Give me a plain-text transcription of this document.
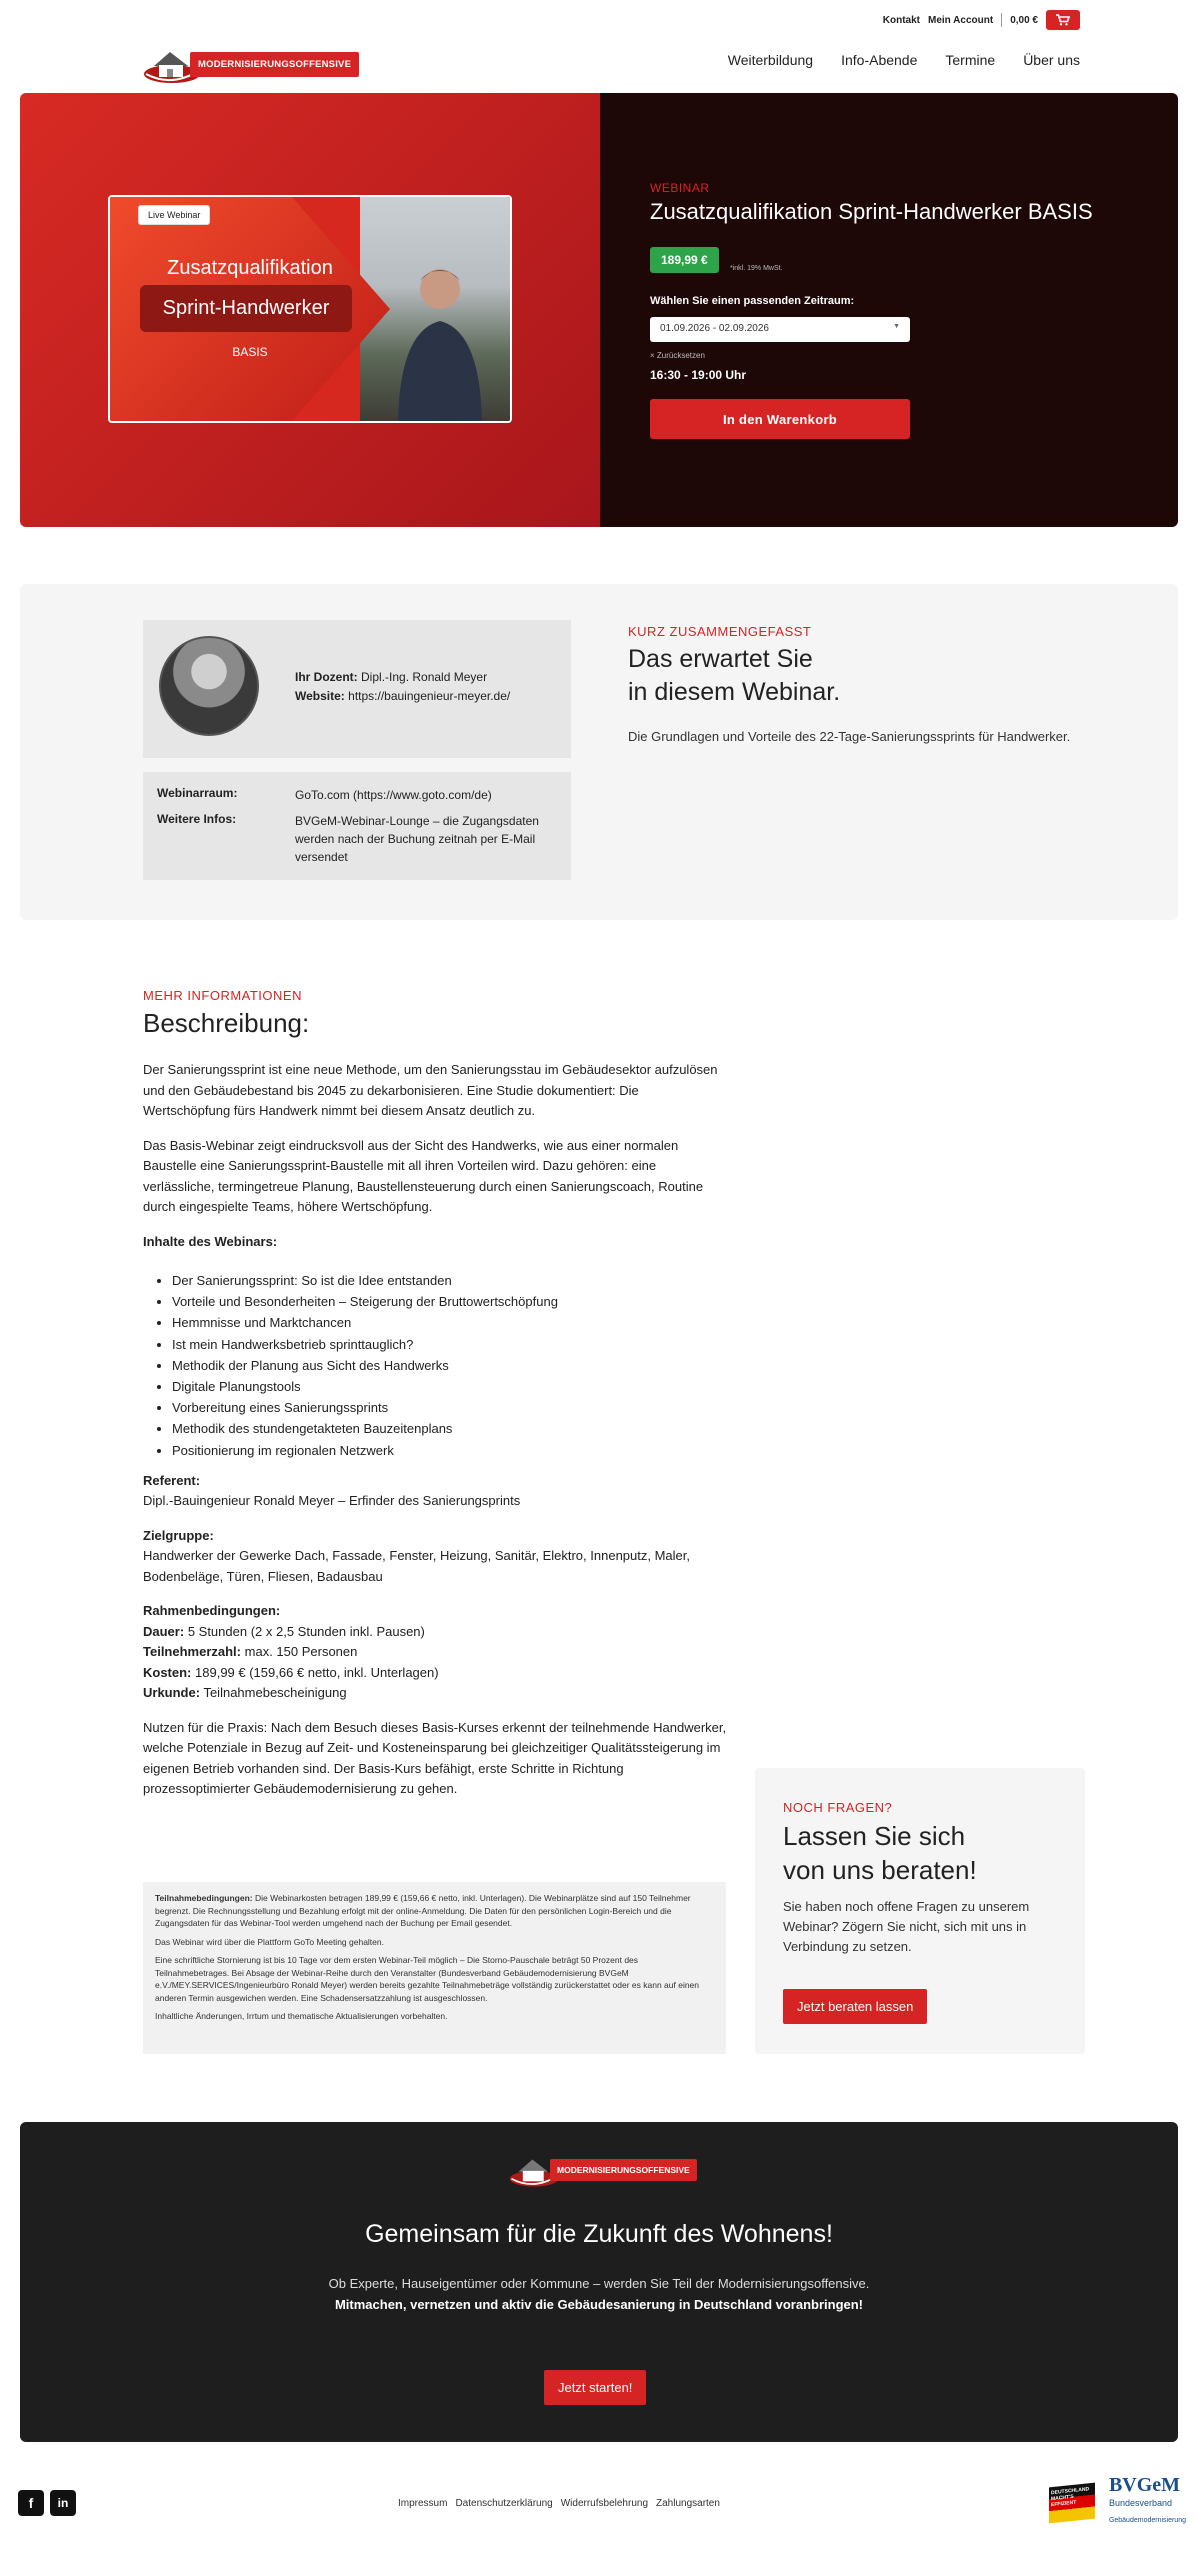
Kontakt Mein Account 0,00 €
MODERNISIERUNGSOFFENSIVE	Weiterbildung Info-Abende Termine Über uns
Live Webinar
Zusatzqualifikation
Sprint-Handwerker
BASIS
WEBINAR
Zusatzqualifikation Sprint-Handwerker BASIS
189,99 €
*inkl. 19% MwSt.
Wählen Sie einen passenden Zeitraum:
01.09.2026 - 02.09.2026	▼
× Zurücksetzen
16:30 - 19:00 Uhr
In den Warenkorb
Ihr Dozent: Dipl.-Ing. Ronald Meyer
Website: https://bauingenieur-meyer.de/
Webinarraum:	GoTo.com (https://www.goto.com/de)
Weitere Infos:	BVGeM-Webinar-Lounge – die Zugangsdaten werden nach der Buchung zeitnah per E-Mail versendet
KURZ ZUSAMMENGEFASST
Das erwartet Sie
in diesem Webinar.

Die Grundlagen und Vorteile des 22-Tage-Sanierungssprints für Handwerker.

MEHR INFORMATIONEN
Beschreibung:

Der Sanierungssprint ist eine neue Methode, um den Sanierungsstau im Gebäudesektor aufzulösen und den Gebäudebestand bis 2045 zu dekarbonisieren. Eine Studie dokumentiert: Die Wertschöpfung fürs Handwerk nimmt bei diesem Ansatz deutlich zu.

Das Basis-Webinar zeigt eindrucksvoll aus der Sicht des Handwerks, wie aus einer normalen Baustelle eine Sanierungssprint-Baustelle mit all ihren Vorteilen wird. Dazu gehören: eine verlässliche, termingetreue Planung, Baustellensteuerung durch einen Sanierungscoach, Routine durch eingespielte Teams, höhere Wertschöpfung.

Inhalte des Webinars:

• Der Sanierungssprint: So ist die Idee entstanden
• Vorteile und Besonderheiten – Steigerung der Bruttowertschöpfung
• Hemmnisse und Marktchancen
• Ist mein Handwerksbetrieb sprinttauglich?
• Methodik der Planung aus Sicht des Handwerks
• Digitale Planungstools
• Vorbereitung eines Sanierungssprints
• Methodik des stundengetakteten Bauzeitenplans
• Positionierung im regionalen Netzwerk

Referent:
Dipl.-Bauingenieur Ronald Meyer – Erfinder des Sanierungsprints

Zielgruppe:
Handwerker der Gewerke Dach, Fassade, Fenster, Heizung, Sanitär, Elektro, Innenputz, Maler, Bodenbeläge, Türen, Fliesen, Badausbau

Rahmenbedingungen:
Dauer: 5 Stunden (2 x 2,5 Stunden inkl. Pausen)
Teilnehmerzahl: max. 150 Personen
Kosten: 189,99 € (159,66 € netto, inkl. Unterlagen)
Urkunde: Teilnahmebescheinigung

Nutzen für die Praxis: Nach dem Besuch dieses Basis-Kurses erkennt der teilnehmende Handwerker, welche Potenziale in Bezug auf Zeit- und Kosteneinsparung bei gleichzeitiger Qualitätssteigerung im eigenen Betrieb vorhanden sind. Der Basis-Kurs befähigt, erste Schritte in Richtung prozessoptimierter Gebäudemodernisierung zu gehen.

Teilnahmebedingungen: Die Webinarkosten betragen 189,99 € (159,66 € netto, inkl. Unterlagen). Die Webinarplätze sind auf 150 Teilnehmer begrenzt. Die Rechnungsstellung und Bezahlung erfolgt mit der online-Anmeldung. Die Daten für den persönlichen Login-Bereich und die Zugangsdaten für das Webinar-Tool werden umgehend nach der Buchung per Email gesendet.

Das Webinar wird über die Plattform GoTo Meeting gehalten.

Eine schriftliche Stornierung ist bis 10 Tage vor dem ersten Webinar-Teil möglich – Die Storno-Pauschale beträgt 50 Prozent des Teilnahmebetrages. Bei Absage der Webinar-Reihe durch den Veranstalter (Bundesverband Gebäudemodernisierung BVGeM e.V./MEY.SERVICES/Ingenieurbüro Ronald Meyer) werden bereits gezahlte Teilnahmebeträge vollständig zurückerstattet oder es kann auf einen anderen Termin ausgewichen werden. Eine Schadensersatzzahlung ist ausgeschlossen.

Inhaltliche Änderungen, Irrtum und thematische Aktualisierungen vorbehalten.

NOCH FRAGEN?
Lassen Sie sich
von uns beraten!

Sie haben noch offene Fragen zu unserem Webinar? Zögern Sie nicht, sich mit uns in Verbindung zu setzen.

Jetzt beraten lassen
MODERNISIERUNGSOFFENSIVE
Gemeinsam für die Zukunft des Wohnens!
Ob Experte, Hauseigentümer oder Kommune – werden Sie Teil der Modernisierungsoffensive.
Mitmachen, vernetzen und aktiv die Gebäudesanierung in Deutschland voranbringen!
Jetzt starten!
f	in	Impressum Datenschutzerklärung Widerrufsbelehrung Zahlungsarten
DEUTSCHLAND MACHT'S EFFIZIENT
BVGeM
Bundesverband
Gebäudemodernisierung
